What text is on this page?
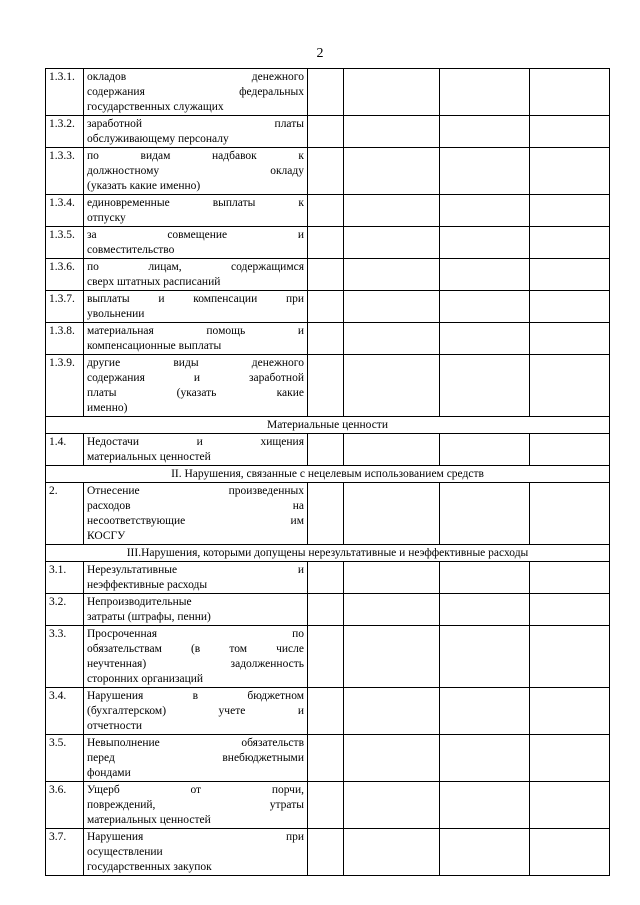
2
1.3.1.	окладов денежного
содержания федеральных
государственных служащих				

1.3.2.	заработной платы
обслуживающему персоналу				

1.3.3.	по видам надбавок к
должностному окладу
(указать какие именно)				

1.3.4.	единовременные выплаты к
отпуску				

1.3.5.	за совмещение и
совместительство				

1.3.6.	по лицам, содержащимся
сверх штатных расписаний				

1.3.7.	выплаты и компенсации при
увольнении				

1.3.8.	материальная помощь и
компенсационные выплаты				

1.3.9.	другие виды денежного
содержания и заработной
платы (указать какие
именно)				

Материальные ценности					
1.4.	Недостачи и хищения
материальных ценностей				

II. Нарушения, связанные с нецелевым использованием средств					
2.	Отнесение произведенных
расходов на
несоответствующие им
КОСГУ				

III.Нарушения, которыми допущены нерезультативные и неэффективные расходы					
3.1.	Нерезультативные и
неэффективные расходы				

3.2.	Непроизводительные
затраты (штрафы, пенни)				

3.3.	Просроченная по
обязательствам (в том числе
неучтенная) задолженность
сторонних организаций				

3.4.	Нарушения в бюджетном
(бухгалтерском) учете и
отчетности				

3.5.	Невыполнение обязательств
перед внебюджетными
фондами				

3.6.	Ущерб от порчи,
повреждений, утраты
материальных ценностей				

3.7.	Нарушения при
осуществлении
государственных закупок				
